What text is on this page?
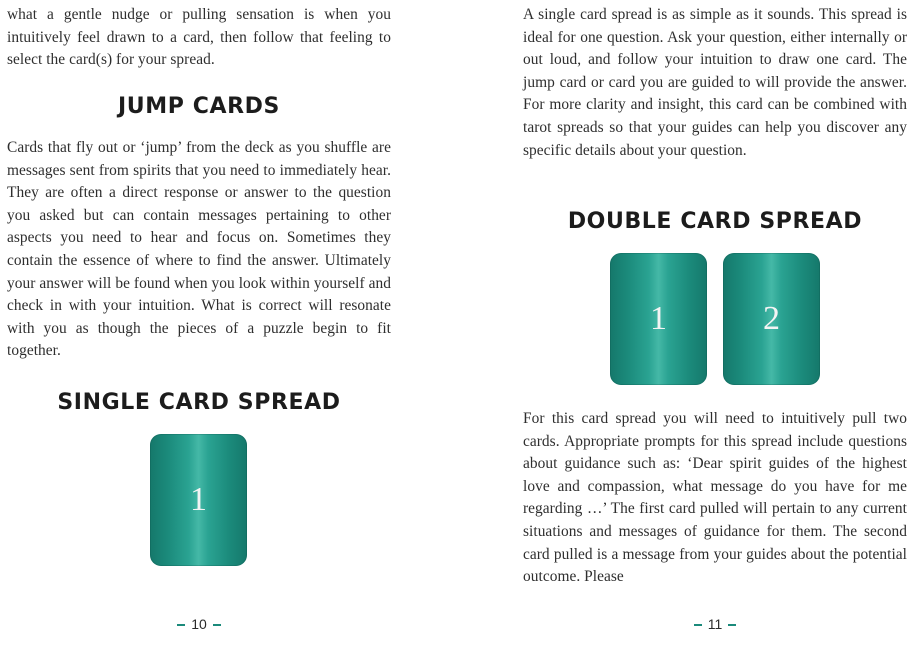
what a gentle nudge or pulling sensation is when you intuitively feel drawn to a card, then follow that feeling to select the card(s) for your spread.

JUMP CARDS

Cards that fly out or ‘jump’ from the deck as you shuffle are messages sent from spirits that you need to immediately hear. They are often a direct response or answer to the question you asked but can contain messages pertaining to other aspects you need to hear and focus on. Sometimes they contain the essence of where to find the answer. Ultimately your answer will be found when you look within yourself and check in with your intuition. What is correct will resonate with you as though the pieces of a puzzle begin to fit together.

SINGLE CARD SPREAD
1
10

A single card spread is as simple as it sounds. This spread is ideal for one question. Ask your question, either internally or out loud, and follow your intuition to draw one card. The jump card or card you are guided to will provide the answer. For more clarity and insight, this card can be combined with tarot spreads so that your guides can help you discover any specific details about your question.

DOUBLE CARD SPREAD
1	2

For this card spread you will need to intuitively pull two cards. Appropriate prompts for this spread include questions about guidance such as: ‘Dear spirit guides of the highest love and compassion, what message do you have for me regarding …’ The first card pulled will pertain to any current situations and messages of guidance for them. The second card pulled is a message from your guides about the potential outcome. Please

11
